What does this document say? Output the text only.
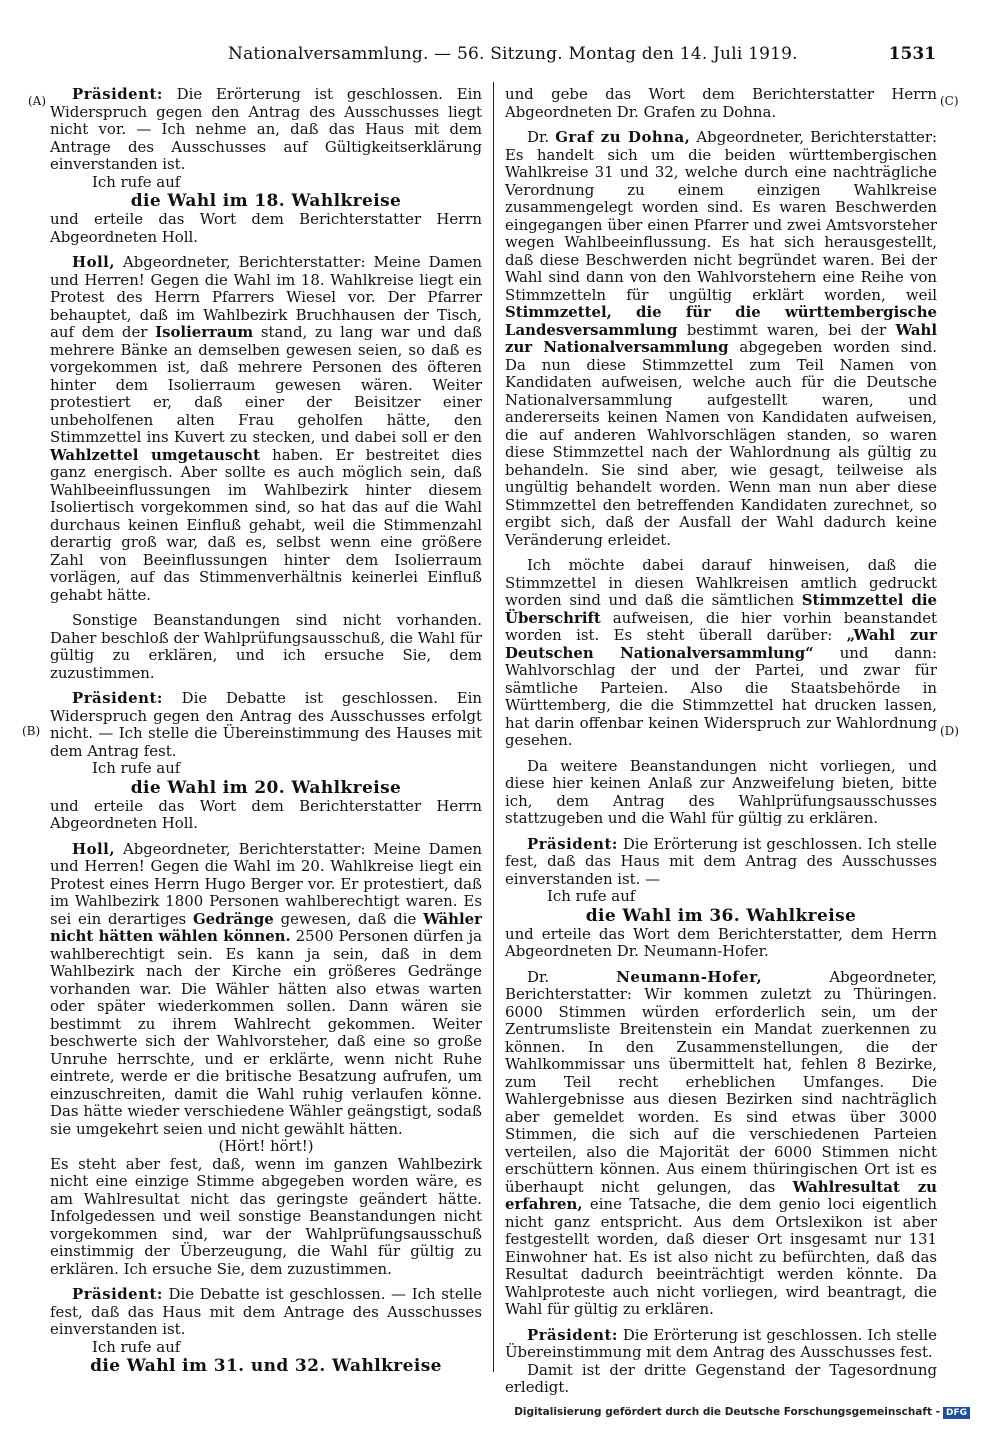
Nationalversammlung. — 56. Sitzung. Montag den 14. Juli 1919.	1531
(A)
(B)
(C)
(D)

Präsident: Die Erörterung ist geschlossen. Ein Widerspruch gegen den Antrag des Ausschusses liegt nicht vor. — Ich nehme an, daß das Haus mit dem Antrage des Ausschusses auf Gültigkeitserklärung einverstanden ist.

Ich rufe auf

die Wahl im 18. Wahlkreise

und erteile das Wort dem Berichterstatter Herrn Abgeordneten Holl.

Holl, Abgeordneter, Berichterstatter: Meine Damen und Herren! Gegen die Wahl im 18. Wahlkreise liegt ein Protest des Herrn Pfarrers Wiesel vor. Der Pfarrer behauptet, daß im Wahlbezirk Bruchhausen der Tisch, auf dem der Isolierraum stand, zu lang war und daß mehrere Bänke an demselben gewesen seien, so daß es vorgekommen ist, daß mehrere Personen des öfteren hinter dem Isolierraum gewesen wären. Weiter protestiert er, daß einer der Beisitzer einer unbeholfenen alten Frau geholfen hätte, den Stimmzettel ins Kuvert zu stecken, und dabei soll er den Wahlzettel umgetauscht haben. Er bestreitet dies ganz energisch. Aber sollte es auch möglich sein, daß Wahlbeeinflussungen im Wahlbezirk hinter diesem Isoliertisch vorgekommen sind, so hat das auf die Wahl durchaus keinen Einfluß gehabt, weil die Stimmenzahl derartig groß war, daß es, selbst wenn eine größere Zahl von Beeinflussungen hinter dem Isolierraum vorlägen, auf das Stimmenverhältnis keinerlei Einfluß gehabt hätte.

Sonstige Beanstandungen sind nicht vorhanden. Daher beschloß der Wahlprüfungsausschuß, die Wahl für gültig zu erklären, und ich ersuche Sie, dem zuzustimmen.

Präsident: Die Debatte ist geschlossen. Ein Widerspruch gegen den Antrag des Ausschusses erfolgt nicht. — Ich stelle die Übereinstimmung des Hauses mit dem Antrag fest.

Ich rufe auf

die Wahl im 20. Wahlkreise

und erteile das Wort dem Berichterstatter Herrn Abgeordneten Holl.

Holl, Abgeordneter, Berichterstatter: Meine Damen und Herren! Gegen die Wahl im 20. Wahlkreise liegt ein Protest eines Herrn Hugo Berger vor. Er protestiert, daß im Wahlbezirk 1800 Personen wahlberechtigt waren. Es sei ein derartiges Gedränge gewesen, daß die Wähler nicht hätten wählen können. 2500 Personen dürfen ja wahlberechtigt sein. Es kann ja sein, daß in dem Wahlbezirk nach der Kirche ein größeres Gedränge vorhanden war. Die Wähler hätten also etwas warten oder später wiederkommen sollen. Dann wären sie bestimmt zu ihrem Wahlrecht gekommen. Weiter beschwerte sich der Wahlvorsteher, daß eine so große Unruhe herrschte, und er erklärte, wenn nicht Ruhe eintrete, werde er die britische Besatzung aufrufen, um einzuschreiten, damit die Wahl ruhig verlaufen könne. Das hätte wieder verschiedene Wähler geängstigt, sodaß sie umgekehrt seien und nicht gewählt hätten.

(Hört! hört!)

Es steht aber fest, daß, wenn im ganzen Wahlbezirk nicht eine einzige Stimme abgegeben worden wäre, es am Wahlresultat nicht das geringste geändert hätte. Infolgedessen und weil sonstige Beanstandungen nicht vorgekommen sind, war der Wahlprüfungsausschuß einstimmig der Überzeugung, die Wahl für gültig zu erklären. Ich ersuche Sie, dem zuzustimmen.

Präsident: Die Debatte ist geschlossen. — Ich stelle fest, daß das Haus mit dem Antrage des Ausschusses einverstanden ist.

Ich rufe auf

die Wahl im 31. und 32. Wahlkreise

und gebe das Wort dem Berichterstatter Herrn Abgeordneten Dr. Grafen zu Dohna.

Dr. Graf zu Dohna, Abgeordneter, Berichterstatter: Es handelt sich um die beiden württembergischen Wahlkreise 31 und 32, welche durch eine nachträgliche Verordnung zu einem einzigen Wahlkreise zusammengelegt worden sind. Es waren Beschwerden eingegangen über einen Pfarrer und zwei Amtsvorsteher wegen Wahlbeeinflussung. Es hat sich herausgestellt, daß diese Beschwerden nicht begründet waren. Bei der Wahl sind dann von den Wahlvorstehern eine Reihe von Stimmzetteln für ungültig erklärt worden, weil Stimmzettel, die für die württembergische Landesversammlung bestimmt waren, bei der Wahl zur Nationalversammlung abgegeben worden sind. Da nun diese Stimmzettel zum Teil Namen von Kandidaten aufweisen, welche auch für die Deutsche Nationalversammlung aufgestellt waren, und andererseits keinen Namen von Kandidaten aufweisen, die auf anderen Wahlvorschlägen standen, so waren diese Stimmzettel nach der Wahlordnung als gültig zu behandeln. Sie sind aber, wie gesagt, teilweise als ungültig behandelt worden. Wenn man nun aber diese Stimmzettel den betreffenden Kandidaten zurechnet, so ergibt sich, daß der Ausfall der Wahl dadurch keine Veränderung erleidet.

Ich möchte dabei darauf hinweisen, daß die Stimmzettel in diesen Wahlkreisen amtlich gedruckt worden sind und daß die sämtlichen Stimmzettel die Überschrift aufweisen, die hier vorhin beanstandet worden ist. Es steht überall darüber: „Wahl zur Deutschen Nationalversammlung“ und dann: Wahlvorschlag der und der Partei, und zwar für sämtliche Parteien. Also die Staatsbehörde in Württemberg, die die Stimmzettel hat drucken lassen, hat darin offenbar keinen Widerspruch zur Wahlordnung gesehen.

Da weitere Beanstandungen nicht vorliegen, und diese hier keinen Anlaß zur Anzweifelung bieten, bitte ich, dem Antrag des Wahlprüfungsausschusses stattzugeben und die Wahl für gültig zu erklären.

Präsident: Die Erörterung ist geschlossen. Ich stelle fest, daß das Haus mit dem Antrag des Ausschusses einverstanden ist. —

Ich rufe auf

die Wahl im 36. Wahlkreise

und erteile das Wort dem Berichterstatter, dem Herrn Abgeordneten Dr. Neumann-Hofer.

Dr. Neumann-Hofer, Abgeordneter, Berichterstatter: Wir kommen zuletzt zu Thüringen. 6000 Stimmen würden erforderlich sein, um der Zentrumsliste Breitenstein ein Mandat zuerkennen zu können. In den Zusammenstellungen, die der Wahlkommissar uns übermittelt hat, fehlen 8 Bezirke, zum Teil recht erheblichen Umfanges. Die Wahlergebnisse aus diesen Bezirken sind nachträglich aber gemeldet worden. Es sind etwas über 3000 Stimmen, die sich auf die verschiedenen Parteien verteilen, also die Majorität der 6000 Stimmen nicht erschüttern können. Aus einem thüringischen Ort ist es überhaupt nicht gelungen, das Wahlresultat zu erfahren, eine Tatsache, die dem genio loci eigentlich nicht ganz entspricht. Aus dem Ortslexikon ist aber festgestellt worden, daß dieser Ort insgesamt nur 131 Einwohner hat. Es ist also nicht zu befürchten, daß das Resultat dadurch beeinträchtigt werden könnte. Da Wahlproteste auch nicht vorliegen, wird beantragt, die Wahl für gültig zu erklären.

Präsident: Die Erörterung ist geschlossen. Ich stelle Übereinstimmung mit dem Antrag des Ausschusses fest.

Damit ist der dritte Gegenstand der Tagesordnung erledigt.

Digitalisierung gefördert durch die Deutsche Forschungsgemeinschaft - DFG
